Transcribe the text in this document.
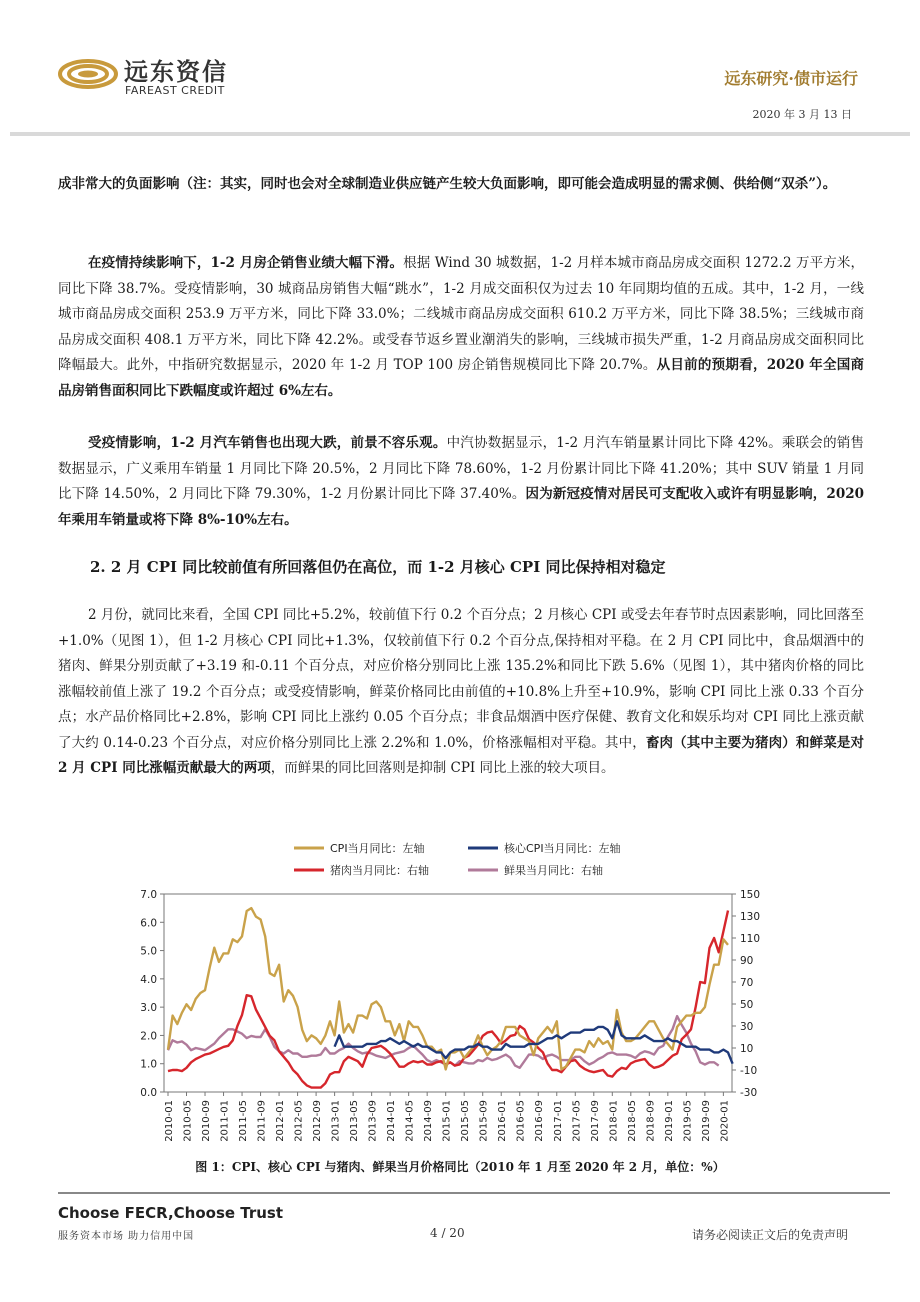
远东资信
FAREAST CREDIT
远东研究·债市运行
2020 年 3 月 13 日

成非常大的负面影响（注：其实，同时也会对全球制造业供应链产生较大负面影响，即可能会造成明显的需求侧、供给侧“双杀”）。

在疫情持续影响下，1-2 月房企销售业绩大幅下滑。根据 Wind 30 城数据，1-2 月样本城市商品房成交面积 1272.2 万平方米，同比下降 38.7%。受疫情影响，30 城商品房销售大幅“跳水”，1-2 月成交面积仅为过去 10 年同期均值的五成。其中，1-2 月，一线城市商品房成交面积 253.9 万平方米，同比下降 33.0%；二线城市商品房成交面积 610.2 万平方米，同比下降 38.5%；三线城市商品房成交面积 408.1 万平方米，同比下降 42.2%。或受春节返乡置业潮消失的影响，三线城市损失严重，1-2 月商品房成交面积同比降幅最大。此外，中指研究数据显示，2020 年 1-2 月 TOP 100 房企销售规模同比下降 20.7%。从目前的预期看，2020 年全国商品房销售面积同比下跌幅度或许超过 6%左右。

受疫情影响，1-2 月汽车销售也出现大跌，前景不容乐观。中汽协数据显示，1-2 月汽车销量累计同比下降 42%。乘联会的销售数据显示，广义乘用车销量 1 月同比下降 20.5%，2 月同比下降 78.60%，1-2 月份累计同比下降 41.20%；其中 SUV 销量 1 月同比下降 14.50%，2 月同比下降 79.30%，1-2 月份累计同比下降 37.40%。因为新冠疫情对居民可支配收入或许有明显影响，2020 年乘用车销量或将下降 8%-10%左右。

2. 2 月 CPI 同比较前值有所回落但仍在高位，而 1-2 月核心 CPI 同比保持相对稳定

2 月份，就同比来看，全国 CPI 同比+5.2%，较前值下行 0.2 个百分点；2 月核心 CPI 或受去年春节时点因素影响，同比回落至+1.0%（见图 1），但 1-2 月核心 CPI 同比+1.3%，仅较前值下行 0.2 个百分点,保持相对平稳。在 2 月 CPI 同比中，食品烟酒中的猪肉、鲜果分别贡献了+3.19 和-0.11 个百分点，对应价格分别同比上涨 135.2%和同比下跌 5.6%（见图 1），其中猪肉价格的同比涨幅较前值上涨了 19.2 个百分点；或受疫情影响，鲜菜价格同比由前值的+10.8%上升至+10.9%，影响 CPI 同比上涨 0.33 个百分点；水产品价格同比+2.8%，影响 CPI 同比上涨约 0.05 个百分点；非食品烟酒中医疗保健、教育文化和娱乐均对 CPI 同比上涨贡献了大约 0.14-0.23 个百分点，对应价格分别同比上涨 2.2%和 1.0%，价格涨幅相对平稳。其中，畜肉（其中主要为猪肉）和鲜菜是对 2 月 CPI 同比涨幅贡献最大的两项，而鲜果的同比回落则是抑制 CPI 同比上涨的较大项目。

CPI当月同比：左轴	核心CPI当月同比：左轴
猪肉当月同比：右轴	鲜果当月同比：右轴
0.0
1.0
2.0
3.0
4.0
5.0
6.0
7.0
-30
-10
10
30
50
70
90
110
130
150
2010-01 2010-05 2010-09 2011-01 2011-05 2011-09 2012-01 2012-05 2012-09 2013-01 2013-05 2013-09 2014-01 2014-05 2014-09 2015-01 2015-05 2015-09 2016-01 2016-05 2016-09 2017-01 2017-05 2017-09 2018-01 2018-05 2018-09 2019-01 2019-05 2019-09 2020-01
图 1：CPI、核心 CPI 与猪肉、鲜果当月价格同比（2010 年 1 月至 2020 年 2 月，单位：%）
Choose FECR,Choose Trust
服务资本市场 助力信用中国	4 / 20	请务必阅读正文后的免责声明
